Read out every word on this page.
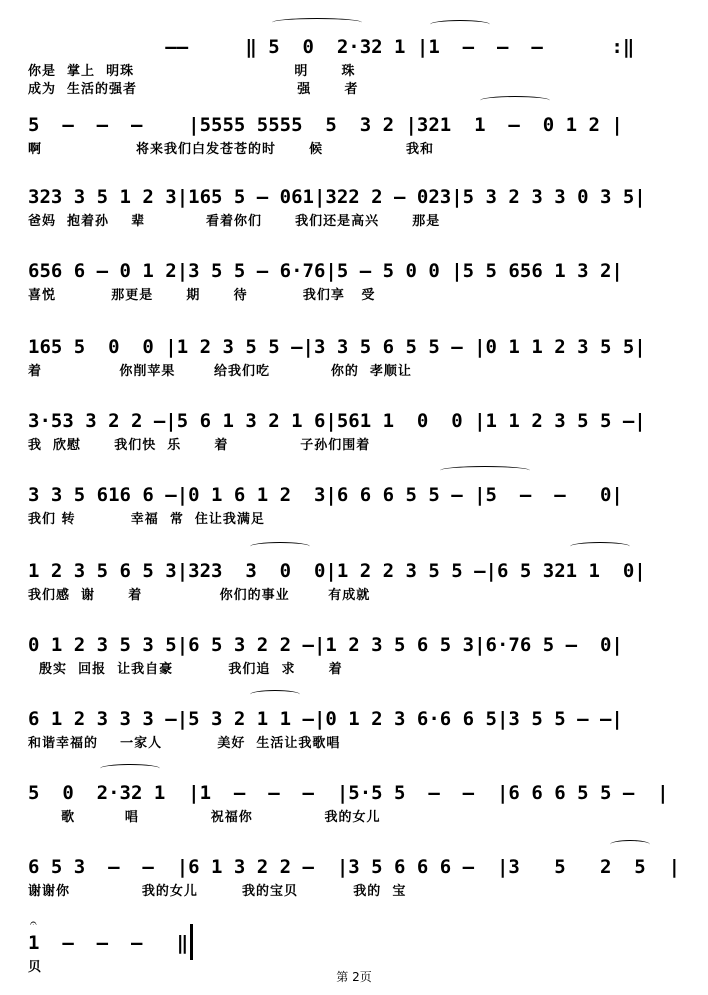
——     ‖ 5  0  2·32 1 |1  —  —  —      :‖
你是  掌上  明珠                             明      珠
成为  生活的强者                             强      者
5  —  —  —    |5555 5555  5  3 2 |321  1  —  0 1 2 |
啊                 将来我们白发苍苍的时      候               我和
323 3 5 1 2 3|165 5 — 061|322 2 — 023|5 3 2 3 3 0 3 5|
爸妈  抱着孙    辈           看着你们      我们还是高兴      那是
656 6 — 0 1 2|3 5 5 — 6·76|5 — 5 0 0 |5 5 656 1 3 2|
喜悦          那更是      期      待          我们享   受
165 5  0  0 |1 2 3 5 5 —|3 3 5 6 5 5 — |0 1 1 2 3 5 5|
着              你削苹果       给我们吃           你的  孝顺让
3·53 3 2 2 —|5 6 1 3 2 1 6|561 1  0  0 |1 1 2 3 5 5 —|
我  欣慰      我们快  乐      着             子孙们围着
3 3 5 616 6 —|0 1 6 1 2  3|6 6 6 5 5 — |5  —  —   0|
我们 转          幸福  常  住让我满足
1 2 3 5 6 5 3|323  3  0  0|1 2 2 3 5 5 —|6 5 321 1  0|
我们感  谢      着              你们的事业       有成就
0 1 2 3 5 3 5|6 5 3 2 2 —|1 2 3 5 6 5 3|6·76 5 —  0|
殷实  回报  让我自豪          我们追  求      着
6 1 2 3 3 3 —|5 3 2 1 1 —|0 1 2 3 6·6 6 5|3 5 5 — —|
和谐幸福的    一家人          美好  生活让我歌唱
5  0  2·32 1  |1  —  —  —  |5·5 5  —  —  |6 6 6 5 5 —  |
歌         唱             祝福你             我的女儿
6 5 3  —  —  |6 1 3 2 2 —  |3 5 6 6 6 —  |3   5   2  5  |
谢谢你             我的女儿        我的宝贝          我的  宝
𝄐
1  —  —  —   ‖
贝
第 2页
